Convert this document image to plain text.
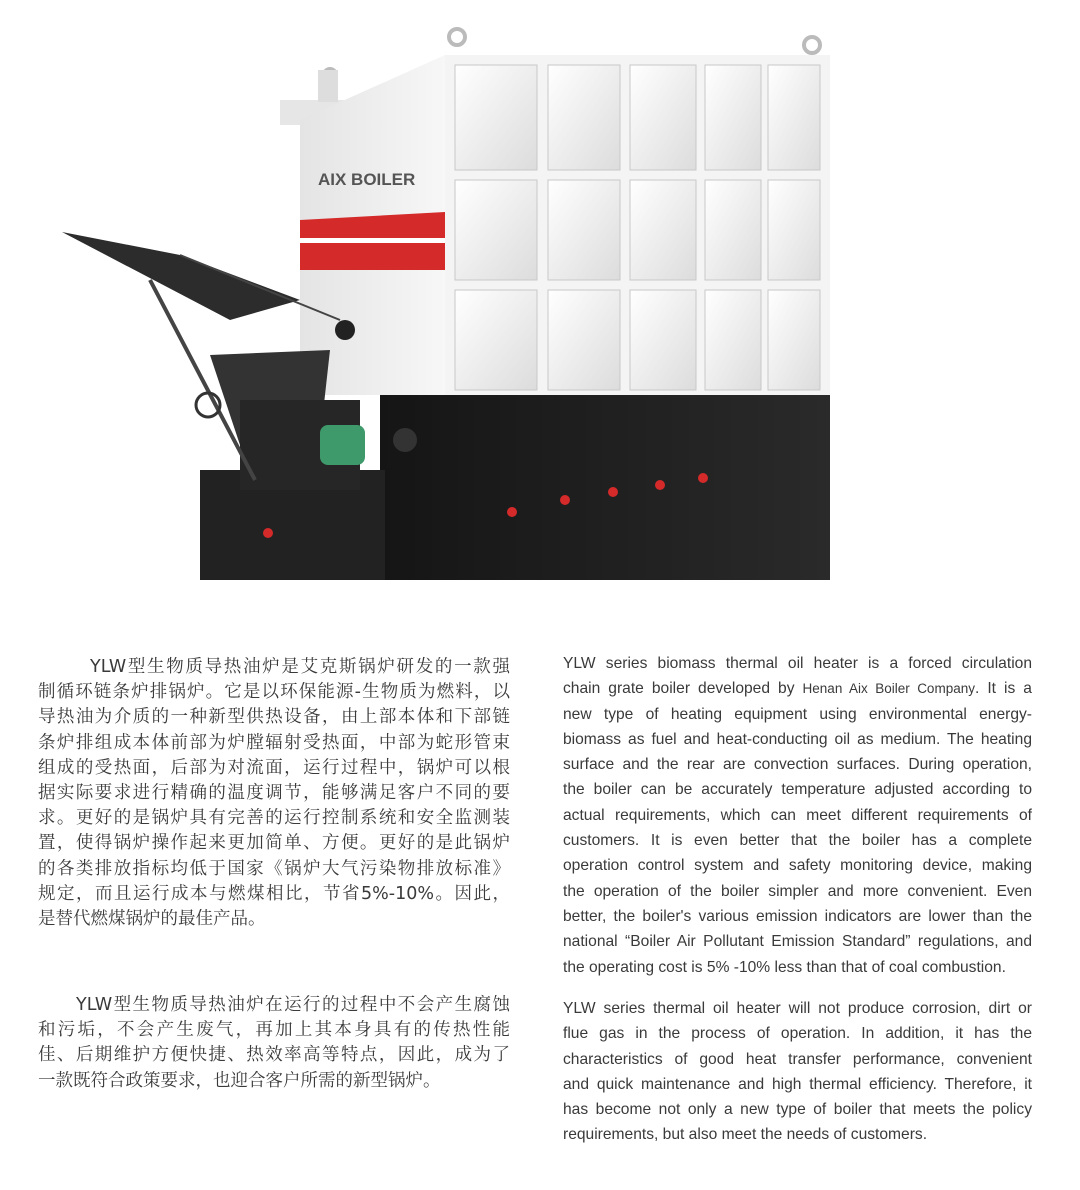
AIX BOILER
YLW型生物质导热油炉是艾克斯锅炉研发的一款强
制循环链条炉排锅炉。它是以环保能源-生物质为燃料，以
导热油为介质的一种新型供热设备，由上部本体和下部链
条炉排组成本体前部为炉膛辐射受热面，中部为蛇形管束
组成的受热面，后部为对流面，运行过程中，锅炉可以根
据实际要求进行精确的温度调节，能够满足客户不同的要
求。更好的是锅炉具有完善的运行控制系统和安全监测装
置，使得锅炉操作起来更加简单、方便。更好的是此锅炉
的各类排放指标均低于国家《锅炉大气污染物排放标准》
规定，而且运行成本与燃煤相比，节省5%-10%。因此，
是替代燃煤锅炉的最佳产品。
YLW型生物质导热油炉在运行的过程中不会产生腐蚀
和污垢，不会产生废气，再加上其本身具有的传热性能
佳、后期维护方便快捷、热效率高等特点，因此，成为了
一款既符合政策要求，也迎合客户所需的新型锅炉。
YLW series biomass thermal oil heater is a forced circulation
chain grate boiler developed by Henan Aix Boiler Company. It is a
new type of heating equipment using environmental energy-
biomass as fuel and heat-conducting oil as medium. The heating
surface and the rear are convection surfaces. During operation,
the boiler can be accurately temperature adjusted according to
actual requirements, which can meet different requirements of
customers. It is even better that the boiler has a complete
operation control system and safety monitoring device, making
the operation of the boiler simpler and more convenient. Even
better, the boiler's various emission indicators are lower than the
national “Boiler Air Pollutant Emission Standard” regulations, and
the operating cost is 5% -10% less than that of coal combustion.
YLW series thermal oil heater will not produce corrosion, dirt or
flue gas in the process of operation. In addition, it has the
characteristics of good heat transfer performance, convenient
and quick maintenance and high thermal efficiency. Therefore, it
has become not only a new type of boiler that meets the policy
requirements, but also meet the needs of customers.
